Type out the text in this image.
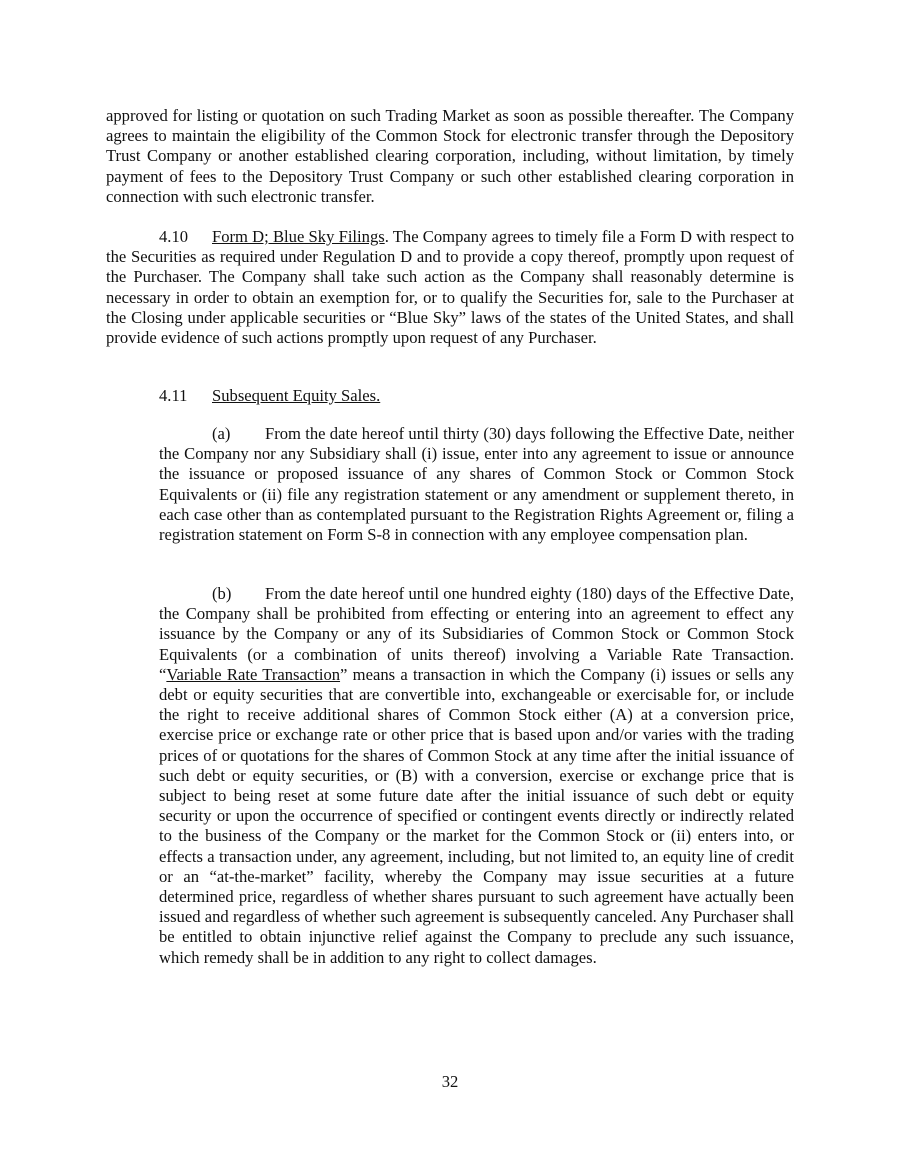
approved for listing or quotation on such Trading Market as soon as possible thereafter. The Company agrees to maintain the eligibility of the Common Stock for electronic transfer through the Depository Trust Company or another established clearing corporation, including, without limitation, by timely payment of fees to the Depository Trust Company or such other established clearing corporation in connection with such electronic transfer.

4.10 Form D; Blue Sky Filings. The Company agrees to timely file a Form D with respect to the Securities as required under Regulation D and to provide a copy thereof, promptly upon request of the Purchaser. The Company shall take such action as the Company shall reasonably determine is necessary in order to obtain an exemption for, or to qualify the Securities for, sale to the Purchaser at the Closing under applicable securities or “Blue Sky” laws of the states of the United States, and shall provide evidence of such actions promptly upon request of any Purchaser.

4.11 Subsequent Equity Sales.

(a) From the date hereof until thirty (30) days following the Effective Date, neither the Company nor any Subsidiary shall (i) issue, enter into any agreement to issue or announce the issuance or proposed issuance of any shares of Common Stock or Common Stock Equivalents or (ii) file any registration statement or any amendment or supplement thereto, in each case other than as contemplated pursuant to the Registration Rights Agreement or, filing a registration statement on Form S-8 in connection with any employee compensation plan.

(b) From the date hereof until one hundred eighty (180) days of the Effective Date, the Company shall be prohibited from effecting or entering into an agreement to effect any issuance by the Company or any of its Subsidiaries of Common Stock or Common Stock Equivalents (or a combination of units thereof) involving a Variable Rate Transaction. “Variable Rate Transaction” means a transaction in which the Company (i) issues or sells any debt or equity securities that are convertible into, exchangeable or exercisable for, or include the right to receive additional shares of Common Stock either (A) at a conversion price, exercise price or exchange rate or other price that is based upon and/or varies with the trading prices of or quotations for the shares of Common Stock at any time after the initial issuance of such debt or equity securities, or (B) with a conversion, exercise or exchange price that is subject to being reset at some future date after the initial issuance of such debt or equity security or upon the occurrence of specified or contingent events directly or indirectly related to the business of the Company or the market for the Common Stock or (ii) enters into, or effects a transaction under, any agreement, including, but not limited to, an equity line of credit or an “at-the-market” facility, whereby the Company may issue securities at a future determined price, regardless of whether shares pursuant to such agreement have actually been issued and regardless of whether such agreement is subsequently canceled. Any Purchaser shall be entitled to obtain injunctive relief against the Company to preclude any such issuance, which remedy shall be in addition to any right to collect damages.

32
